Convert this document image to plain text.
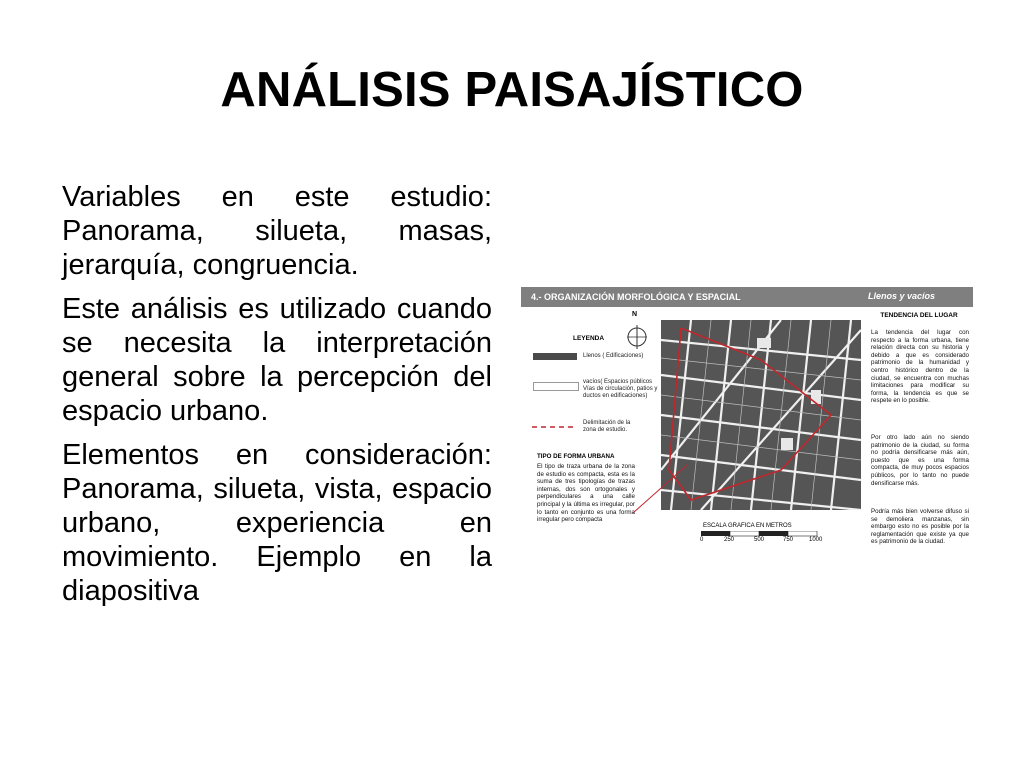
ANÁLISIS PAISAJÍSTICO

Variables en este estudio: Panorama, silueta, masas, jerarquía, congruencia.

Este análisis es utilizado cuando se necesita la interpretación general sobre la percepción del espacio urbano.

Elementos en consideración: Panorama, silueta, vista, espacio urbano, experiencia en movimiento. Ejemplo en la diapositiva

4.- ORGANIZACIÓN MORFOLÓGICA Y ESPACIAL	Llenos y vacíos
N
LEYENDA
Llenos ( Edificaciones)
vacíos( Espacios públicos Vías de circulación, patios y ductos en edificaciones)
Delimitación de la zona de estudio.
TIPO DE FORMA URBANA
El tipo de traza urbana de la zona de estudio es compacta, esta es la suma de tres tipologías de trazas internas, dos son ortogonales y perpendiculares a una calle principal y la última es irregular, por lo tanto en conjunto es una forma irregular pero compacta
TENDENCIA DEL LUGAR
La tendencia del lugar con respecto a la forma urbana, tiene relación directa con su historia y debido a que es considerado patrimonio de la humanidad y centro histórico dentro de la ciudad, se encuentra con muchas limitaciones para modificar su forma, la tendencia es que se respete en lo posible.
Por otro lado aún no siendo patrimonio de la ciudad, su forma no podría densificarse más aún, puesto que es una forma compacta, de muy pocos espacios públicos, por lo tanto no puede densificarse más.
Podría más bien volverse difuso si se demoliera manzanas, sin embargo esto no es posible por la reglamentación que existe ya que es patrimonio de la ciudad.
ESCALA GRAFICA EN METROS
0	250	500	750	1000
